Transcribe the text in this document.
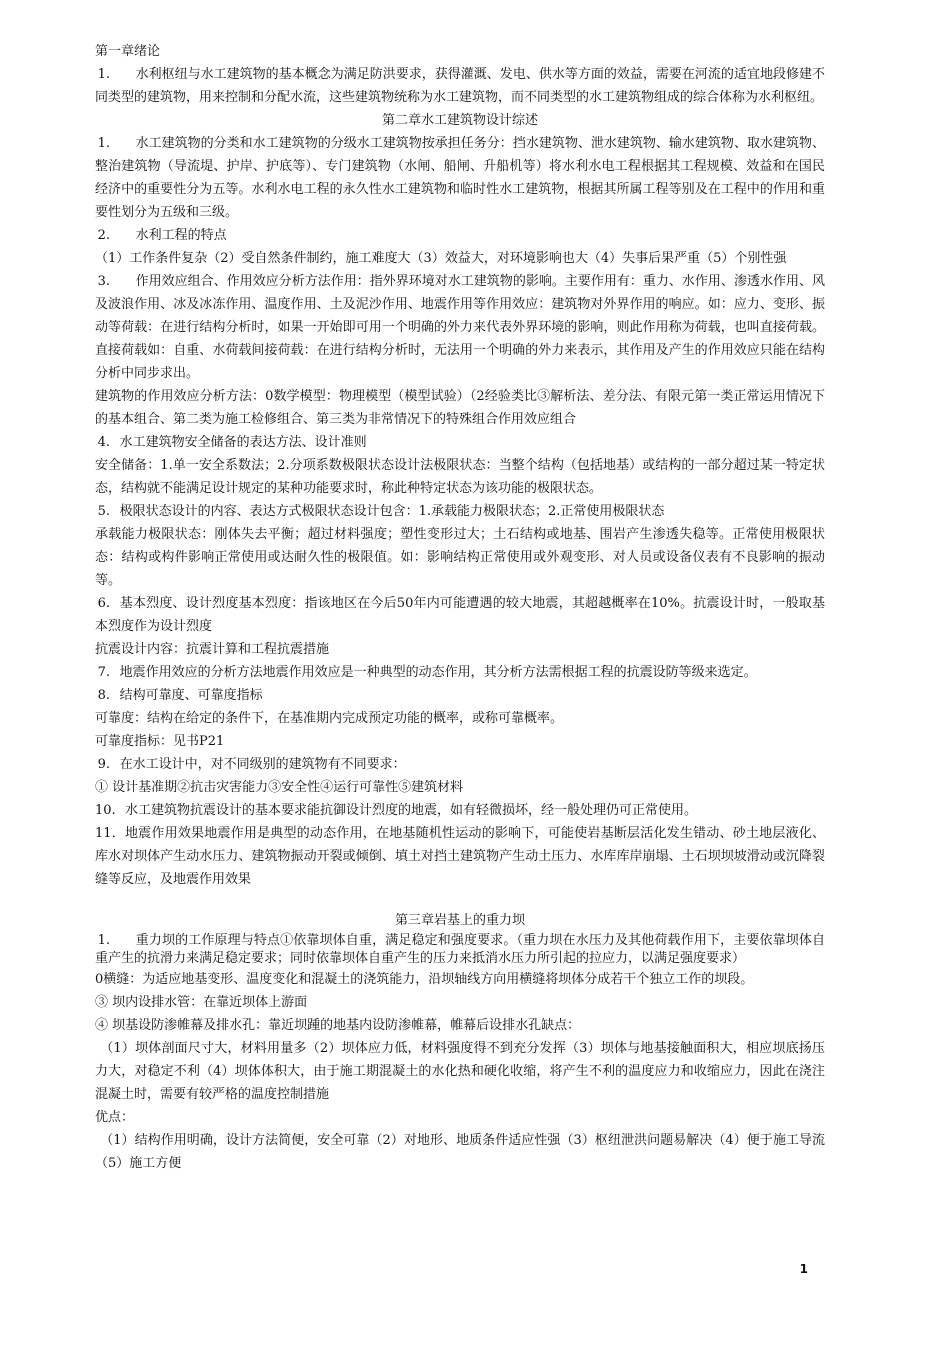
第一章绪论

1. 水利枢纽与水工建筑物的基本概念为满足防洪要求，获得灌溉、发电、供水等方面的效益，需要在河流的适宜地段修建不同类型的建筑物，用来控制和分配水流，这些建筑物统称为水工建筑物，而不同类型的水工建筑物组成的综合体称为水利枢纽。

第二章水工建筑物设计综述

1. 水工建筑物的分类和水工建筑物的分级水工建筑物按承担任务分：挡水建筑物、泄水建筑物、输水建筑物、取水建筑物、整治建筑物（导流堤、护岸、护底等）、专门建筑物（水闸、船闸、升船机等）将水利水电工程根据其工程规模、效益和在国民经济中的重要性分为五等。水利水电工程的永久性水工建筑物和临时性水工建筑物，根据其所属工程等别及在工程中的作用和重要性划分为五级和三级。

2. 水利工程的特点

（1）工作条件复杂（2）受自然条件制约，施工难度大（3）效益大，对环境影响也大（4）失事后果严重（5）个别性强

3. 作用效应组合、作用效应分析方法作用：指外界环境对水工建筑物的影响。主要作用有：重力、水作用、渗透水作用、风及波浪作用、冰及冰冻作用、温度作用、土及泥沙作用、地震作用等作用效应：建筑物对外界作用的响应。如：应力、变形、振动等荷载：在进行结构分析时，如果一开始即可用一个明确的外力来代表外界环境的影响，则此作用称为荷载，也叫直接荷载。直接荷载如：自重、水荷载间接荷载：在进行结构分析时，无法用一个明确的外力来表示，其作用及产生的作用效应只能在结构分析中同步求出。

建筑物的作用效应分析方法：0数学模型：物理模型（模型试验）（2经验类比③解析法、差分法、有限元第一类正常运用情况下的基本组合、第二类为施工检修组合、第三类为非常情况下的特殊组合作用效应组合

4. 水工建筑物安全储备的表达方法、设计准则

安全储备：1.单一安全系数法；2.分项系数极限状态设计法极限状态：当整个结构（包括地基）或结构的一部分超过某一特定状态，结构就不能满足设计规定的某种功能要求时，称此种特定状态为该功能的极限状态。

5. 极限状态设计的内容、表达方式极限状态设计包含：1.承载能力极限状态；2.正常使用极限状态

承载能力极限状态：刚体失去平衡；超过材料强度；塑性变形过大；土石结构或地基、围岩产生渗透失稳等。正常使用极限状态：结构或构件影响正常使用或达耐久性的极限值。如：影响结构正常使用或外观变形、对人员或设备仪表有不良影响的振动等。

6. 基本烈度、设计烈度基本烈度：指该地区在今后50年内可能遭遇的较大地震，其超越概率在10%。抗震设计时，一般取基本烈度作为设计烈度

抗震设计内容：抗震计算和工程抗震措施

7. 地震作用效应的分析方法地震作用效应是一种典型的动态作用，其分析方法需根据工程的抗震设防等级来选定。

8. 结构可靠度、可靠度指标

可靠度：结构在给定的条件下，在基准期内完成预定功能的概率，或称可靠概率。

可靠度指标：见书P21

9. 在水工设计中，对不同级别的建筑物有不同要求：

① 设计基准期②抗击灾害能力③安全性④运行可靠性⑤建筑材料

10. 水工建筑物抗震设计的基本要求能抗御设计烈度的地震，如有轻微损坏，经一般处理仍可正常使用。

11．地震作用效果地震作用是典型的动态作用，在地基随机性运动的影响下，可能使岩基断层活化发生错动、砂土地层液化、库水对坝体产生动水压力、建筑物振动开裂或倾倒、填土对挡土建筑物产生动土压力、水库库岸崩塌、土石坝坝坡滑动或沉降裂缝等反应，及地震作用效果

第三章岩基上的重力坝

1. 重力坝的工作原理与特点①依靠坝体自重，满足稳定和强度要求。（重力坝在水压力及其他荷载作用下，主要依靠坝体自重产生的抗滑力来满足稳定要求；同时依靠坝体自重产生的压力来抵消水压力所引起的拉应力，以满足强度要求）

0横缝：为适应地基变形、温度变化和混凝土的浇筑能力，沿坝轴线方向用横缝将坝体分成若干个独立工作的坝段。

③ 坝内设排水管：在靠近坝体上游面

④ 坝基设防渗帷幕及排水孔：靠近坝踵的地基内设防渗帷幕，帷幕后设排水孔缺点：

（1）坝体剖面尺寸大，材料用量多（2）坝体应力低，材料强度得不到充分发挥（3）坝体与地基接触面积大，相应坝底扬压力大，对稳定不利（4）坝体体积大，由于施工期混凝土的水化热和硬化收缩，将产生不利的温度应力和收缩应力，因此在浇注混凝土时，需要有较严格的温度控制措施

优点：

（1）结构作用明确，设计方法简便，安全可靠（2）对地形、地质条件适应性强（3）枢纽泄洪问题易解决（4）便于施工导流（5）施工方便

1
